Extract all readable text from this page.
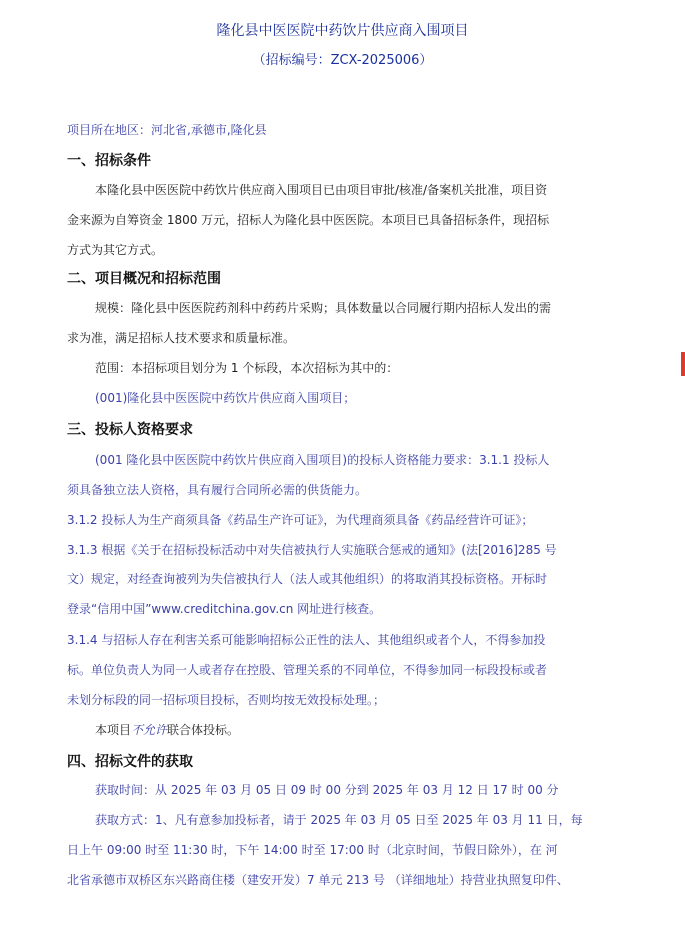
隆化县中医医院中药饮片供应商入围项目
（招标编号：ZCX-2025006）
项目所在地区：河北省,承德市,隆化县
一、招标条件
本隆化县中医医院中药饮片供应商入围项目已由项目审批/核准/备案机关批准，项目资
金来源为自筹资金 1800 万元，招标人为隆化县中医医院。本项目已具备招标条件，现招标
方式为其它方式。
二、项目概况和招标范围
规模：隆化县中医医院药剂科中药药片采购；具体数量以合同履行期内招标人发出的需
求为准，满足招标人技术要求和质量标准。
范围：本招标项目划分为 1 个标段，本次招标为其中的：
(001)隆化县中医医院中药饮片供应商入围项目；
三、投标人资格要求
(001 隆化县中医医院中药饮片供应商入围项目)的投标人资格能力要求：3.1.1 投标人
须具备独立法人资格，具有履行合同所必需的供货能力。
3.1.2 投标人为生产商须具备《药品生产许可证》，为代理商须具备《药品经营许可证》；
3.1.3 根据《关于在招标投标活动中对失信被执行人实施联合惩戒的通知》(法[2016]285 号
文）规定，对经查询被列为失信被执行人（法人或其他组织）的将取消其投标资格。开标时
登录“信用中国”www.creditchina.gov.cn 网址进行核查。
3.1.4 与招标人存在利害关系可能影响招标公正性的法人、其他组织或者个人，不得参加投
标。单位负责人为同一人或者存在控股、管理关系的不同单位，不得参加同一标段投标或者
未划分标段的同一招标项目投标，否则均按无效投标处理。；
本项目不允许联合体投标。
四、招标文件的获取
获取时间：从 2025 年 03 月 05 日 09 时 00 分到 2025 年 03 月 12 日 17 时 00 分
获取方式：1、凡有意参加投标者，请于 2025 年 03 月 05 日至 2025 年 03 月 11 日，每
日上午 09:00 时至 11:30 时，下午 14:00 时至 17:00 时（北京时间，节假日除外），在 河
北省承德市双桥区东兴路商住楼（建安开发）7 单元 213 号 （详细地址）持营业执照复印件、
